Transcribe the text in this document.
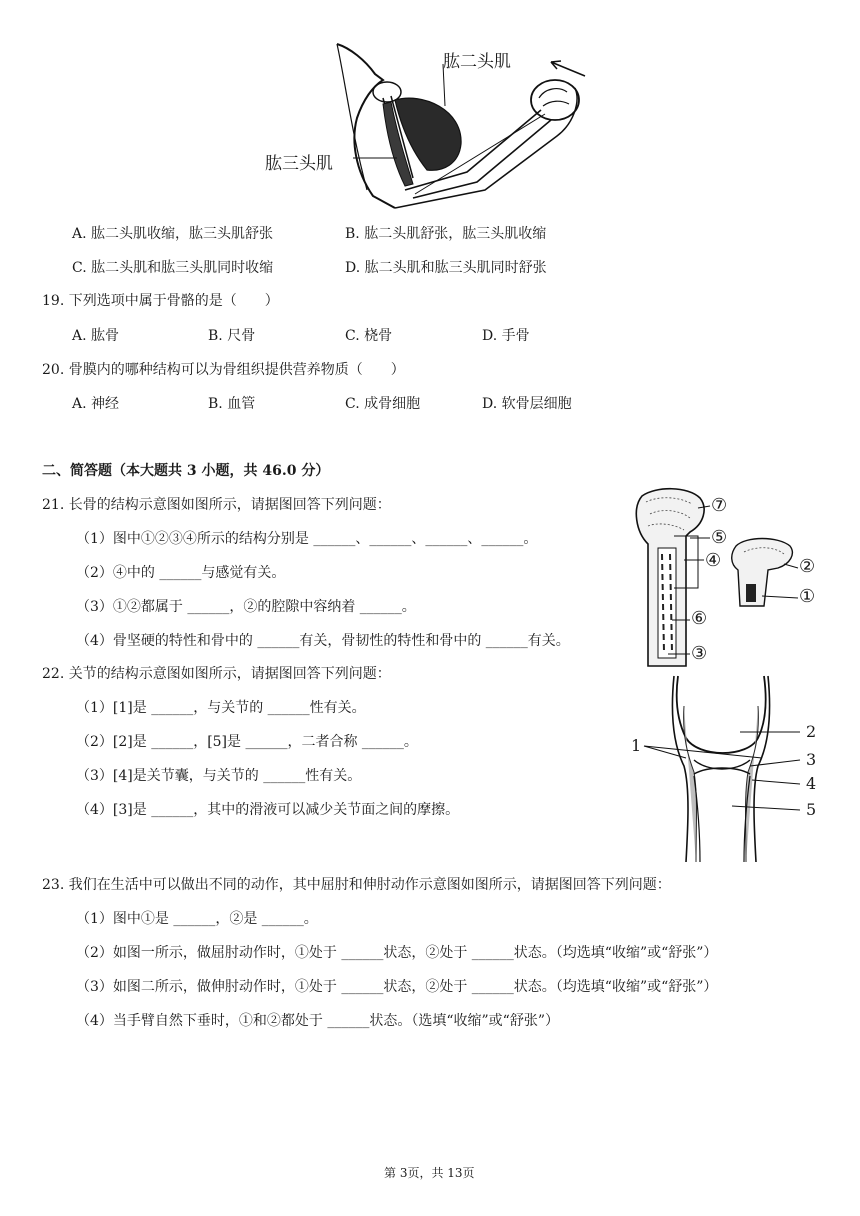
肱二头肌
肱三头肌
A. 肱二头肌收缩，肱三头肌舒张	B. 肱二头肌舒张，肱三头肌收缩
C. 肱二头肌和肱三头肌同时收缩	D. 肱二头肌和肱三头肌同时舒张
19. 下列选项中属于骨骼的是（　　）
A. 肱骨	B. 尺骨	C. 桡骨	D. 手骨
20. 骨膜内的哪种结构可以为骨组织提供营养物质（　　）
A. 神经	B. 血管	C. 成骨细胞	D. 软骨层细胞
二、简答题（本大题共 3 小题，共 46.0 分）
21. 长骨的结构示意图如图所示，请据图回答下列问题：
（1）图中①②③④所示的结构分别是 ______、______、______、______。
（2）④中的 ______与感觉有关。
（3）①②都属于 ______，②的腔隙中容纳着 ______。
（4）骨坚硬的特性和骨中的 ______有关，骨韧性的特性和骨中的 ______有关。
⑦
⑤
④
⑥
③
②
①
22. 关节的结构示意图如图所示，请据图回答下列问题：
（1）[1]是 ______，与关节的 ______性有关。
（2）[2]是 ______，[5]是 ______，二者合称 ______。
（3）[4]是关节囊，与关节的 ______性有关。
（4）[3]是 ______，其中的滑液可以减少关节面之间的摩擦。
1
2
3
4
5
23. 我们在生活中可以做出不同的动作，其中屈肘和伸肘动作示意图如图所示，请据图回答下列问题：
（1）图中①是 ______，②是 ______。
（2）如图一所示，做屈肘动作时，①处于 ______状态，②处于 ______状态。（均选填“收缩”或“舒张”）
（3）如图二所示，做伸肘动作时，①处于 ______状态，②处于 ______状态。（均选填“收缩”或“舒张”）
（4）当手臂自然下垂时，①和②都处于 ______状态。（选填“收缩”或“舒张”）
第 3页，共 13页
